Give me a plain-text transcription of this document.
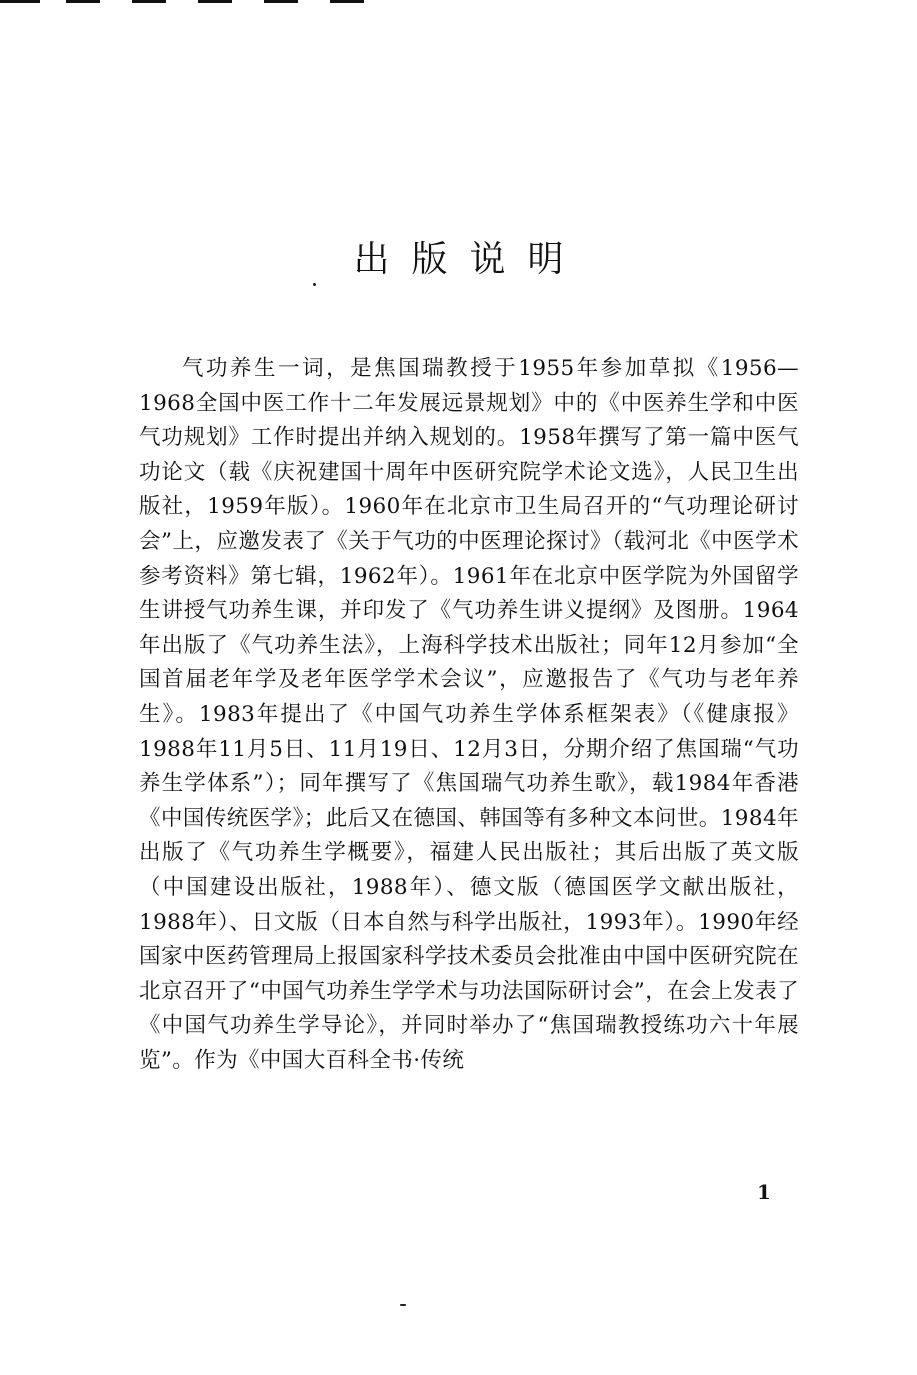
出版说明

气功养生一词，是焦国瑞教授于1955年参加草拟《1956—1968全国中医工作十二年发展远景规划》中的《中医养生学和中医气功规划》工作时提出并纳入规划的。1958年撰写了第一篇中医气功论文（载《庆祝建国十周年中医研究院学术论文选》，人民卫生出版社，1959年版）。1960年在北京市卫生局召开的“气功理论研讨会”上，应邀发表了《关于气功的中医理论探讨》（载河北《中医学术参考资料》第七辑，1962年）。1961年在北京中医学院为外国留学生讲授气功养生课，并印发了《气功养生讲义提纲》及图册。1964年出版了《气功养生法》，上海科学技术出版社；同年12月参加“全国首届老年学及老年医学学术会议”，应邀报告了《气功与老年养生》。1983年提出了《中国气功养生学体系框架表》（《健康报》1988年11月5日、11月19日、12月3日，分期介绍了焦国瑞“气功养生学体系”）；同年撰写了《焦国瑞气功养生歌》，载1984年香港《中国传统医学》；此后又在德国、韩国等有多种文本问世。1984年出版了《气功养生学概要》，福建人民出版社；其后出版了英文版（中国建设出版社，1988年）、德文版（德国医学文献出版社，1988年）、日文版（日本自然与科学出版社，1993年）。1990年经国家中医药管理局上报国家科学技术委员会批准由中国中医研究院在北京召开了“中国气功养生学学术与功法国际研讨会”，在会上发表了《中国气功养生学导论》，并同时举办了“焦国瑞教授练功六十年展览”。作为《中国大百科全书·传统

1
